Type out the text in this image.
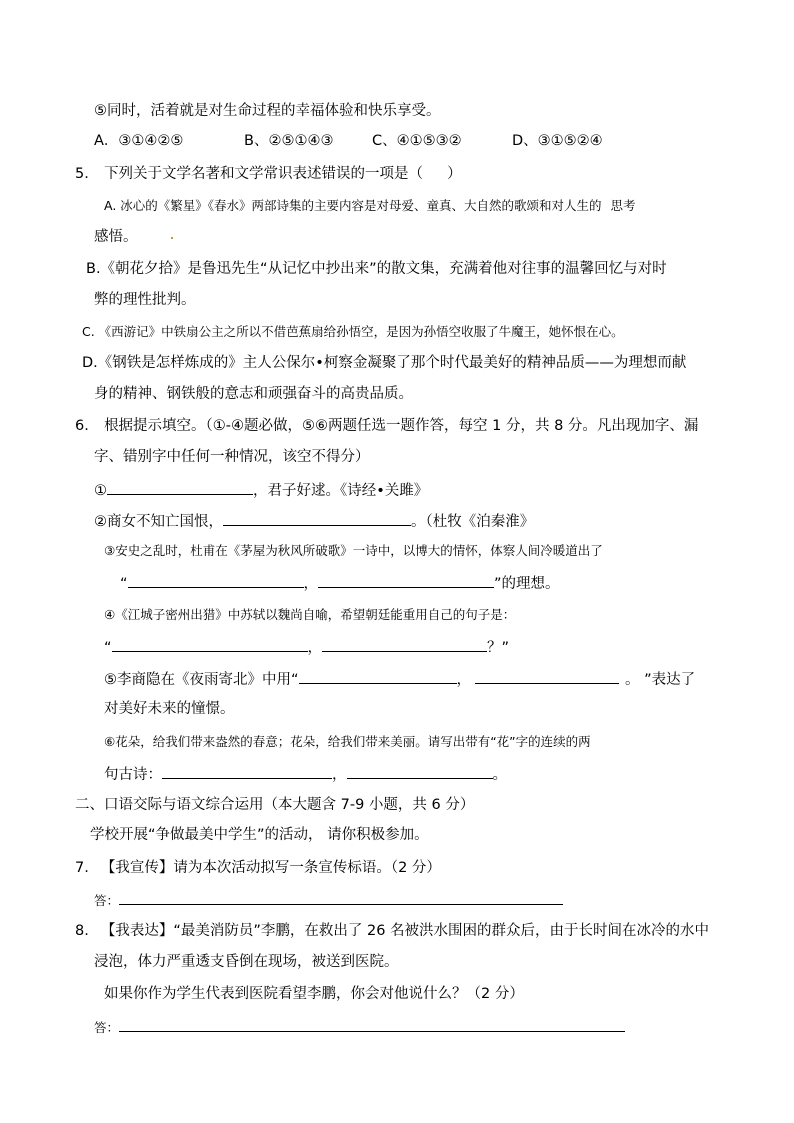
⑤同时，活着就是对生命过程的幸福体验和快乐享受。
A．③①④②⑤	B、②⑤①④③	C、④①⑤③②	D、③①⑤②④
5. 下列关于文学名著和文学常识表述错误的一项是（ ）
A. 冰心的《繁星》《春水》两部诗集的主要内容是对母爱、童真、大自然的歌颂和对人生的 思考
感悟。
B.《朝花夕拾》是鲁迅先生“从记忆中抄出来”的散文集，充满着他对往事的温馨回忆与对时
弊的理性批判。
C. 《西游记》中铁扇公主之所以不借芭蕉扇给孙悟空，是因为孙悟空收服了牛魔王，她怀恨在心。
D.《钢铁是怎样炼成的》主人公保尔•柯察金凝聚了那个时代最美好的精神品质——为理想而献
身的精神、钢铁般的意志和顽强奋斗的高贵品质。
6. 根据提示填空。（①-④题必做，⑤⑥两题任选一题作答，每空 1 分，共 8 分。凡出现加字、漏
字、错别字中任何一种情况，该空不得分）
①	，君子好逑。《诗经•关雎》
②商女不知亡国恨，	。（杜牧《泊秦淮》
③安史之乱时，杜甫在《茅屋为秋风所破歌》一诗中，以博大的情怀，体察人间冷暖道出了
“	，	”的理想。
④《江城子密州出猎》中苏轼以魏尚自喻，希望朝廷能重用自己的句子是：
“	，	？”
⑤李商隐在《夜雨寄北》中用“	，	。 ”表达了
对美好未来的憧憬。
⑥花朵，给我们带来盎然的春意；花朵，给我们带来美丽。请写出带有“花”字的连续的两
句古诗：	，	。
二、口语交际与语文综合运用（本大题含 7-9 小题，共 6 分）
学校开展“争做最美中学生”的活动， 请你积极参加。
7. 【我宣传】请为本次活动拟写一条宣传标语。（2 分）
答：
8. 【我表达】“最美消防员”李鹏，在救出了 26 名被洪水围困的群众后，由于长时间在冰冷的水中
浸泡，体力严重透支昏倒在现场，被送到医院。
如果你作为学生代表到医院看望李鹏，你会对他说什么？（2 分）
答：
